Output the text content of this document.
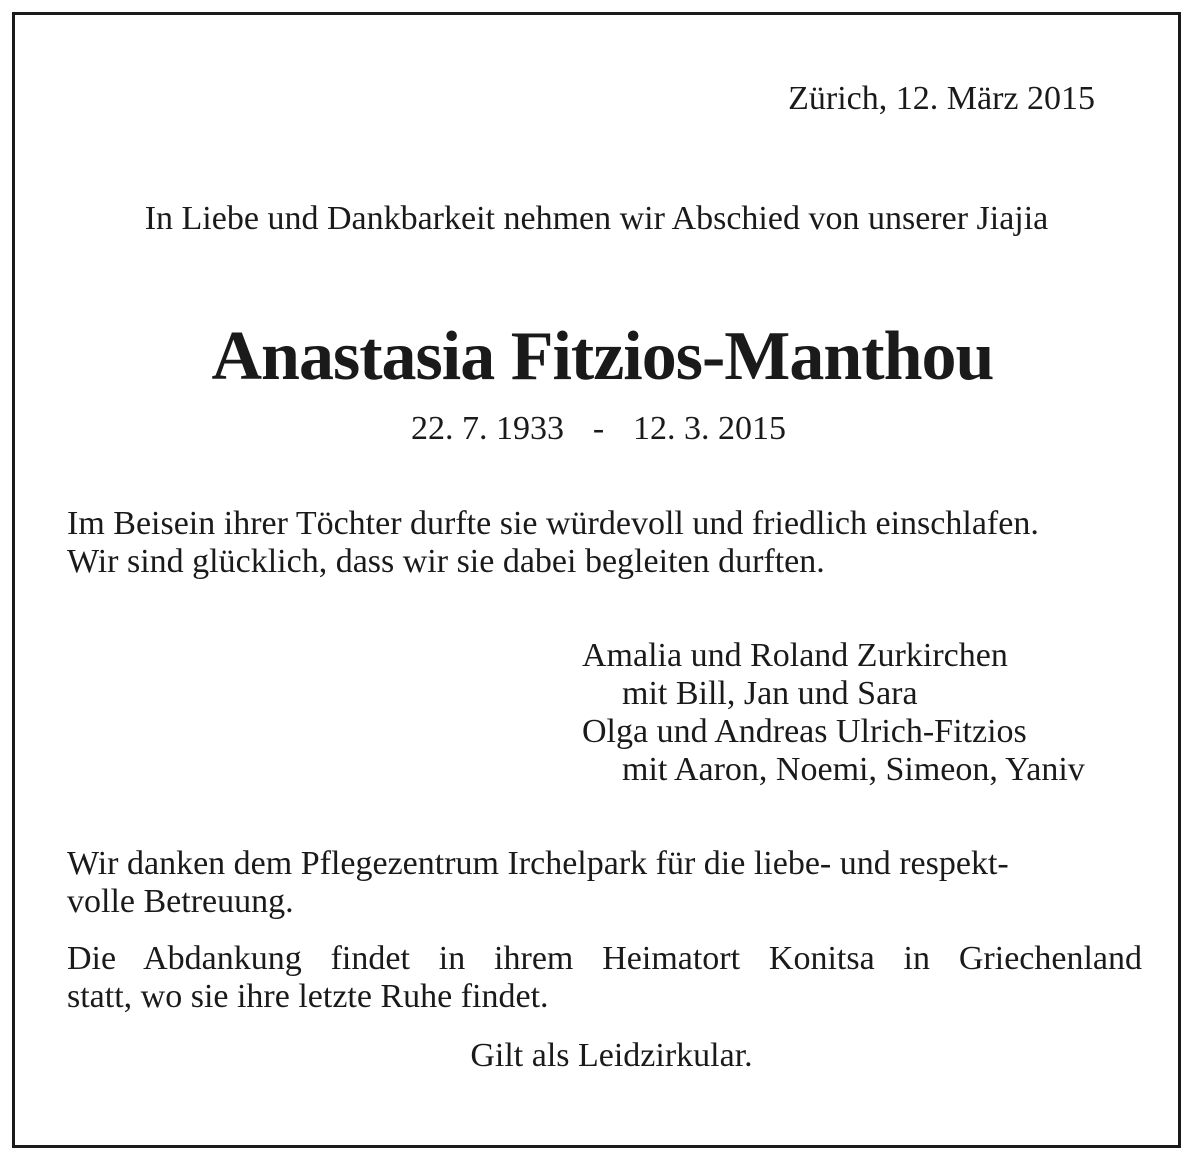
Zürich, 12. März 2015

In Liebe und Dankbarkeit nehmen wir Abschied von unserer Jiajia

Anastasia Fitzios-Manthou

22. 7. 1933 - 12. 3. 2015

Im Beisein ihrer Töchter durfte sie würdevoll und friedlich einschlafen.
Wir sind glücklich, dass wir sie dabei begleiten durften.

Amalia und Roland Zurkirchen
mit Bill, Jan und Sara
Olga und Andreas Ulrich-Fitzios
mit Aaron, Noemi, Simeon, Yaniv

Wir danken dem Pflegezentrum Irchelpark für die liebe- und respekt-
volle Betreuung.

Die Abdankung findet in ihrem Heimatort Konitsa in Griechenland
statt, wo sie ihre letzte Ruhe findet.

Gilt als Leidzirkular.
